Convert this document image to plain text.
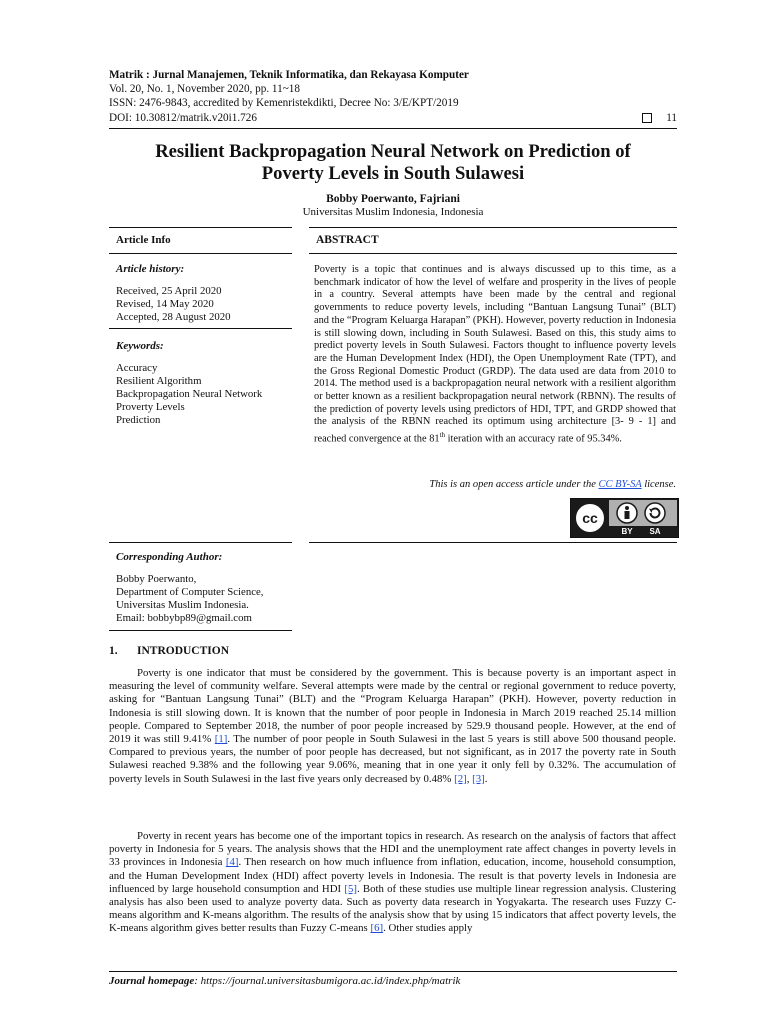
Matrik : Jurnal Manajemen, Teknik Informatika, dan Rekayasa Komputer
Vol. 20, No. 1, November 2020, pp. 11~18
ISSN: 2476-9843, accredited by Kemenristekdikti, Decree No: 3/E/KPT/2019
DOI: 10.30812/matrik.v20i1.726	11
Resilient Backpropagation Neural Network on Prediction of
Poverty Levels in South Sulawesi
Bobby Poerwanto, Fajriani
Universitas Muslim Indonesia, Indonesia
Article Info
Article history:
Received, 25 April 2020
Revised, 14 May 2020
Accepted, 28 August 2020
Keywords:
Accuracy
Resilient Algorithm
Backpropagation Neural Network
Proverty Levels
Prediction
Corresponding Author:
Bobby Poerwanto,
Department of Computer Science,
Universitas Muslim Indonesia.
Email: bobbybp89@gmail.com
ABSTRACT
Poverty is a topic that continues and is always discussed up to this time, as a benchmark indicator of how the level of welfare and prosperity in the lives of people in a country. Several attempts have been made by the central and regional governments to reduce poverty levels, including “Bantuan Langsung Tunai” (BLT) and the “Program Keluarga Harapan” (PKH). However, poverty reduction in Indonesia is still slowing down, including in South Sulawesi. Based on this, this study aims to predict poverty levels in South Sulawesi. Factors thought to influence poverty levels are the Human Development Index (HDI), the Open Unemployment Rate (TPT), and the Gross Regional Domestic Product (GRDP). The data used are data from 2010 to 2014. The method used is a backpropagation neural network with a resilient algorithm or better known as a resilient backpropagation neural network (RBNN). The results of the prediction of poverty levels using predictors of HDI, TPT, and GRDP showed that the analysis of the RBNN reached its optimum using architecture [3- 9 - 1] and reached convergence at the 81th iteration with an accuracy rate of 95.34%.
This is an open access article under the CC BY-SA license.
cc
BY SA
1. INTRODUCTION

Poverty is one indicator that must be considered by the government. This is because poverty is an important aspect in measuring the level of community welfare. Several attempts were made by the central or regional government to reduce poverty, asking for “Bantuan Langsung Tunai” (BLT) and the “Program Keluarga Harapan” (PKH). However, poverty reduction in Indonesia is still slowing down. It is known that the number of poor people in Indonesia in March 2019 reached 25.14 million people. Compared to September 2018, the number of poor people increased by 529.9 thousand people. However, at the end of 2019 it was still 9.41% [1]. The number of poor people in South Sulawesi in the last 5 years is still above 500 thousand people. Compared to previous years, the number of poor people has decreased, but not significant, as in 2017 the poverty rate in South Sulawesi reached 9.38% and the following year 9.06%, meaning that in one year it only fell by 0.32%. The accumulation of poverty levels in South Sulawesi in the last five years only decreased by 0.48% [2], [3].

Poverty in recent years has become one of the important topics in research. As research on the analysis of factors that affect poverty in Indonesia for 5 years. The analysis shows that the HDI and the unemployment rate affect changes in poverty levels in 33 provinces in Indonesia [4]. Then research on how much influence from inflation, education, income, household consumption, and the Human Development Index (HDI) affect poverty levels in Indonesia. The result is that poverty levels in Indonesia are influenced by large household consumption and HDI [5]. Both of these studies use multiple linear regression analysis. Clustering analysis has also been used to analyze poverty data. Such as poverty data research in Yogyakarta. The research uses Fuzzy C-means algorithm and K-means algorithm. The results of the analysis show that by using 15 indicators that affect poverty levels, the K-means algorithm gives better results than Fuzzy C-means [6]. Other studies apply

Journal homepage: https://journal.universitasbumigora.ac.id/index.php/matrik
